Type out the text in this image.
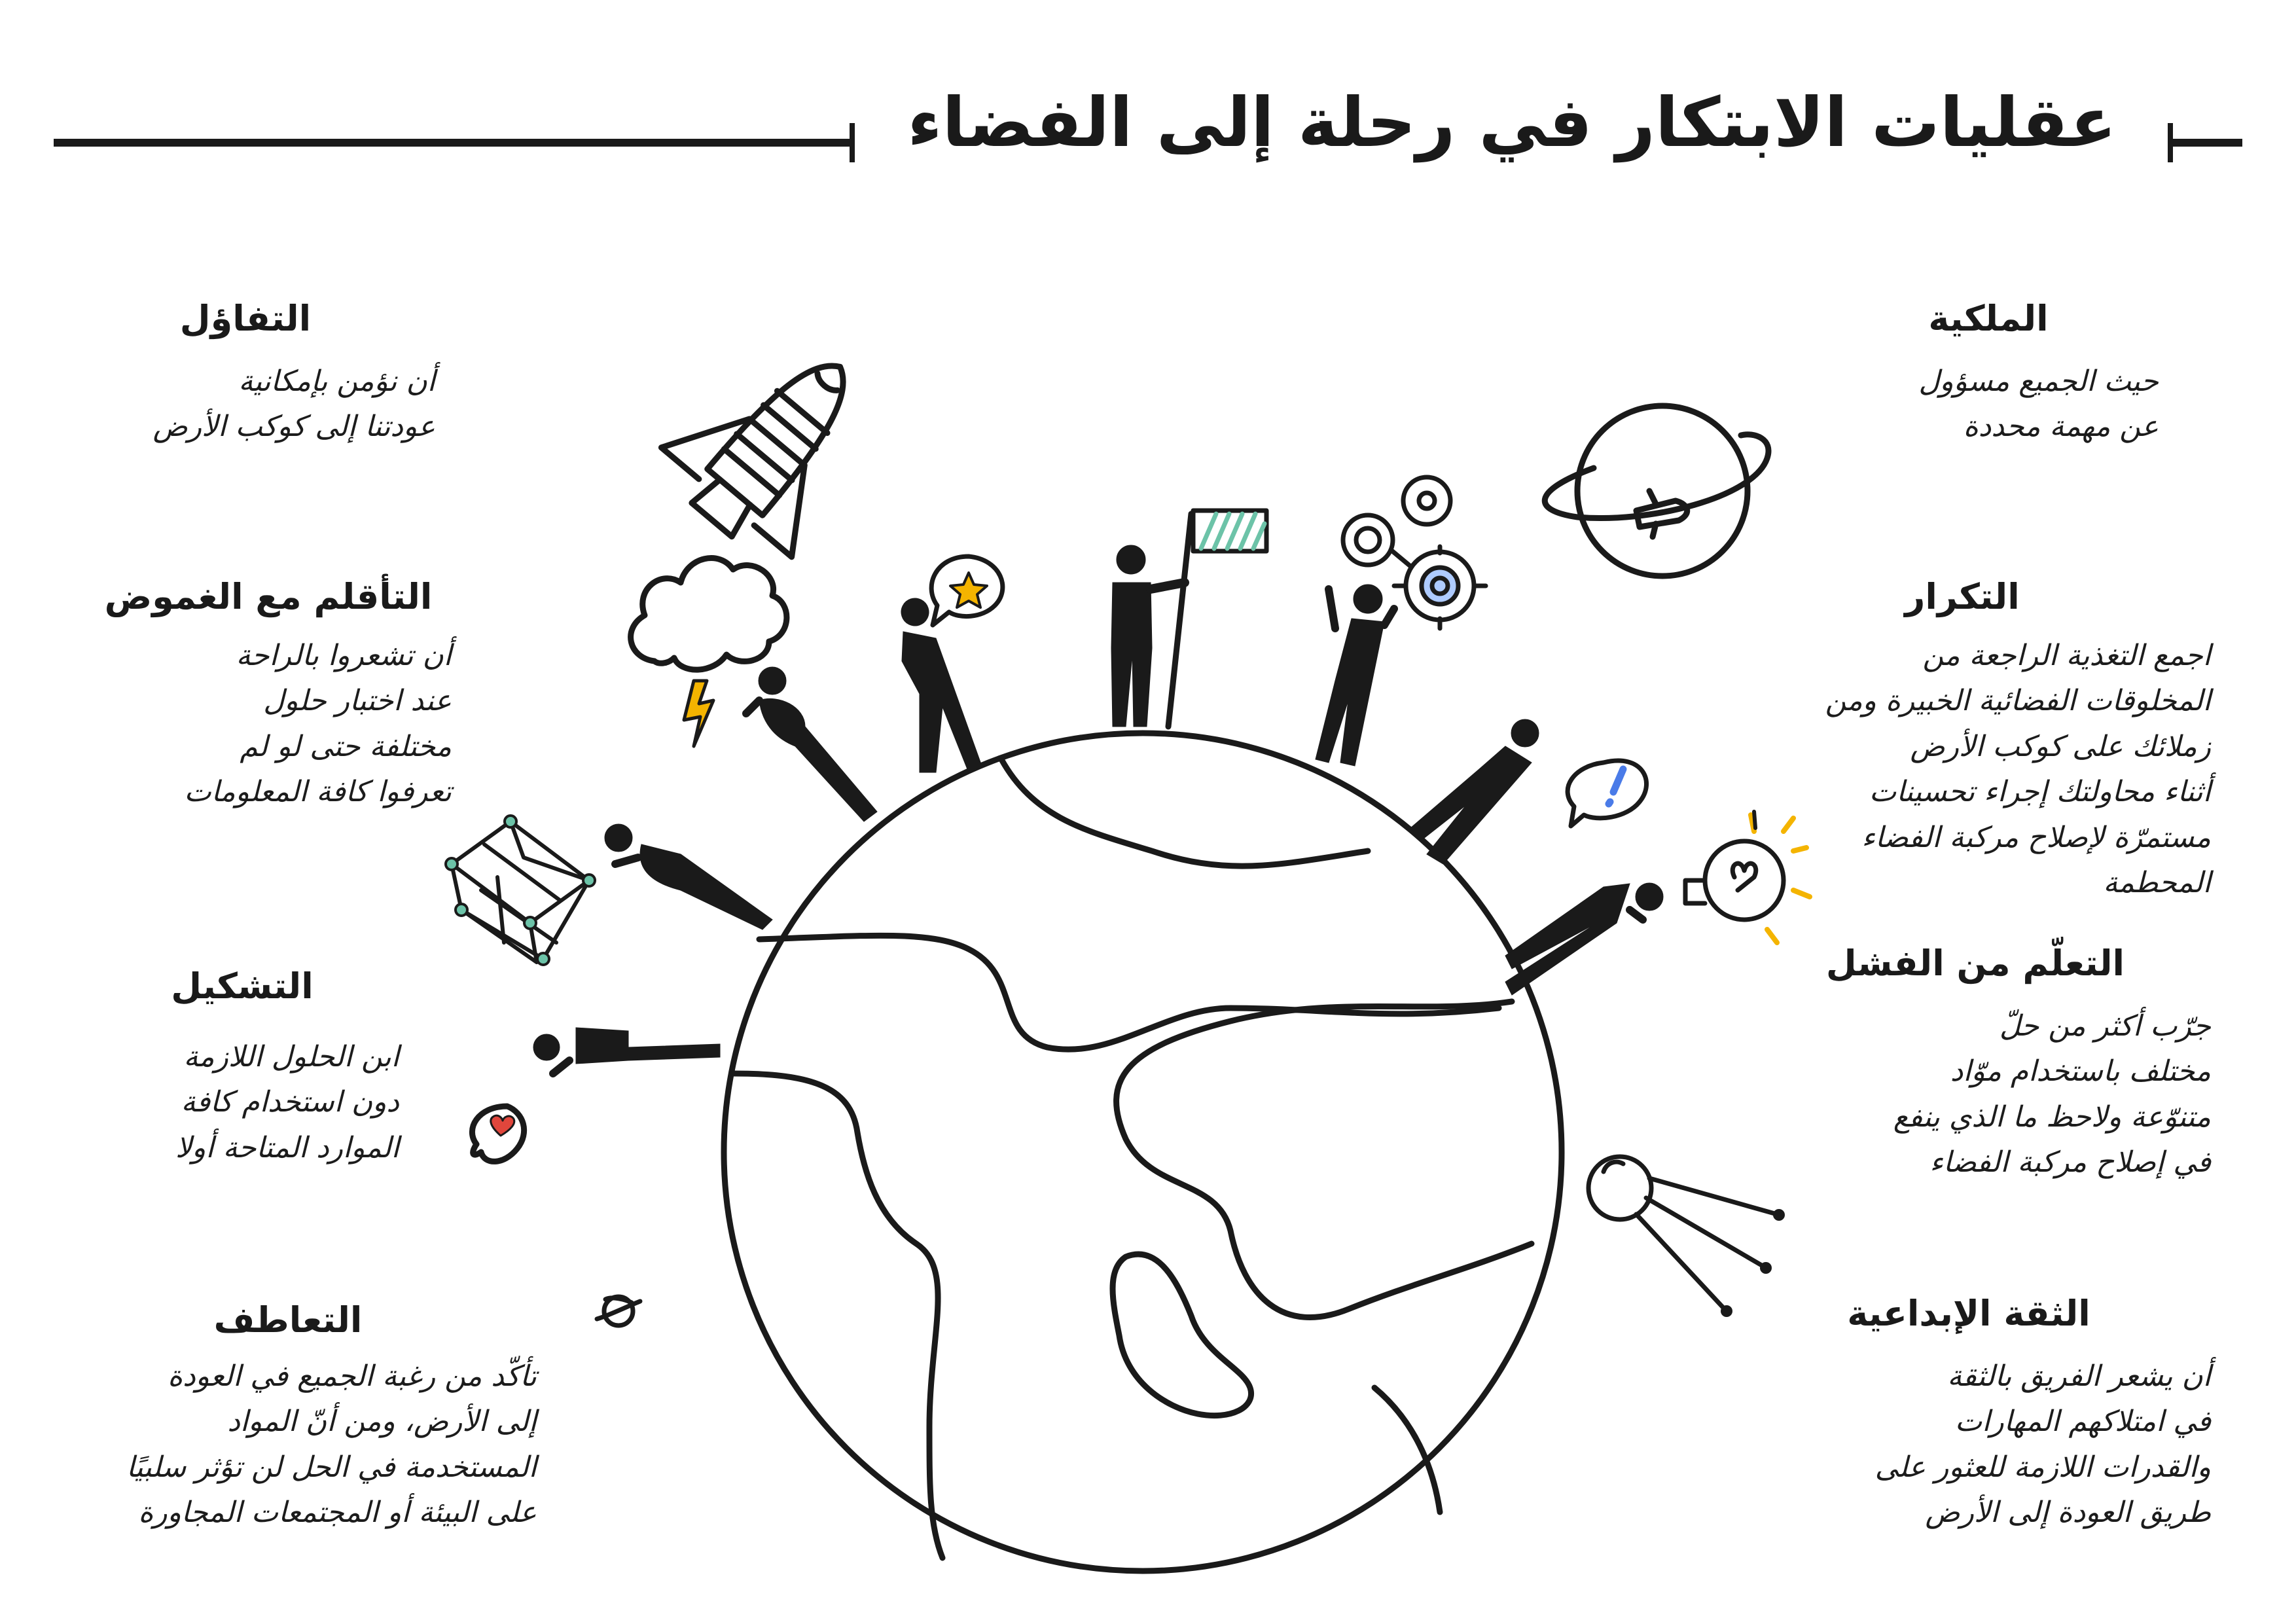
عقليات الابتكار في رحلة إلى الفضاء
الملكية

حيث الجميع مسؤول
عن مهمة محددة

التكرار

اجمع التغذية الراجعة من
المخلوقات الفضائية الخبيرة ومن
زملائك على كوكب الأرض
أثناء محاولتك إجراء تحسينات
مستمرّة لإصلاح مركبة الفضاء
المحطمة

التعلّم من الفشل

جرّب أكثر من حلّ
مختلف باستخدام موّاد
متنوّعة ولاحظ ما الذي ينفع
في إصلاح مركبة الفضاء

الثقة الإبداعية

أن يشعر الفريق بالثقة
في امتلاكهم المهارات
والقدرات اللازمة للعثور على
طريق العودة إلى الأرض

التفاؤل

أن نؤمن بإمكانية
عودتنا إلى كوكب الأرض

التأقلم مع الغموض

أن تشعروا بالراحة
عند اختبار حلول
مختلفة حتى لو لم
تعرفوا كافة المعلومات

التشكيل

ابن الحلول اللازمة
دون استخدام كافة
الموارد المتاحة أولا

التعاطف

تأكّد من رغبة الجميع في العودة
إلى الأرض، ومن أنّ المواد
المستخدمة في الحل لن تؤثر سلبيًا
على البيئة أو المجتمعات المجاورة
